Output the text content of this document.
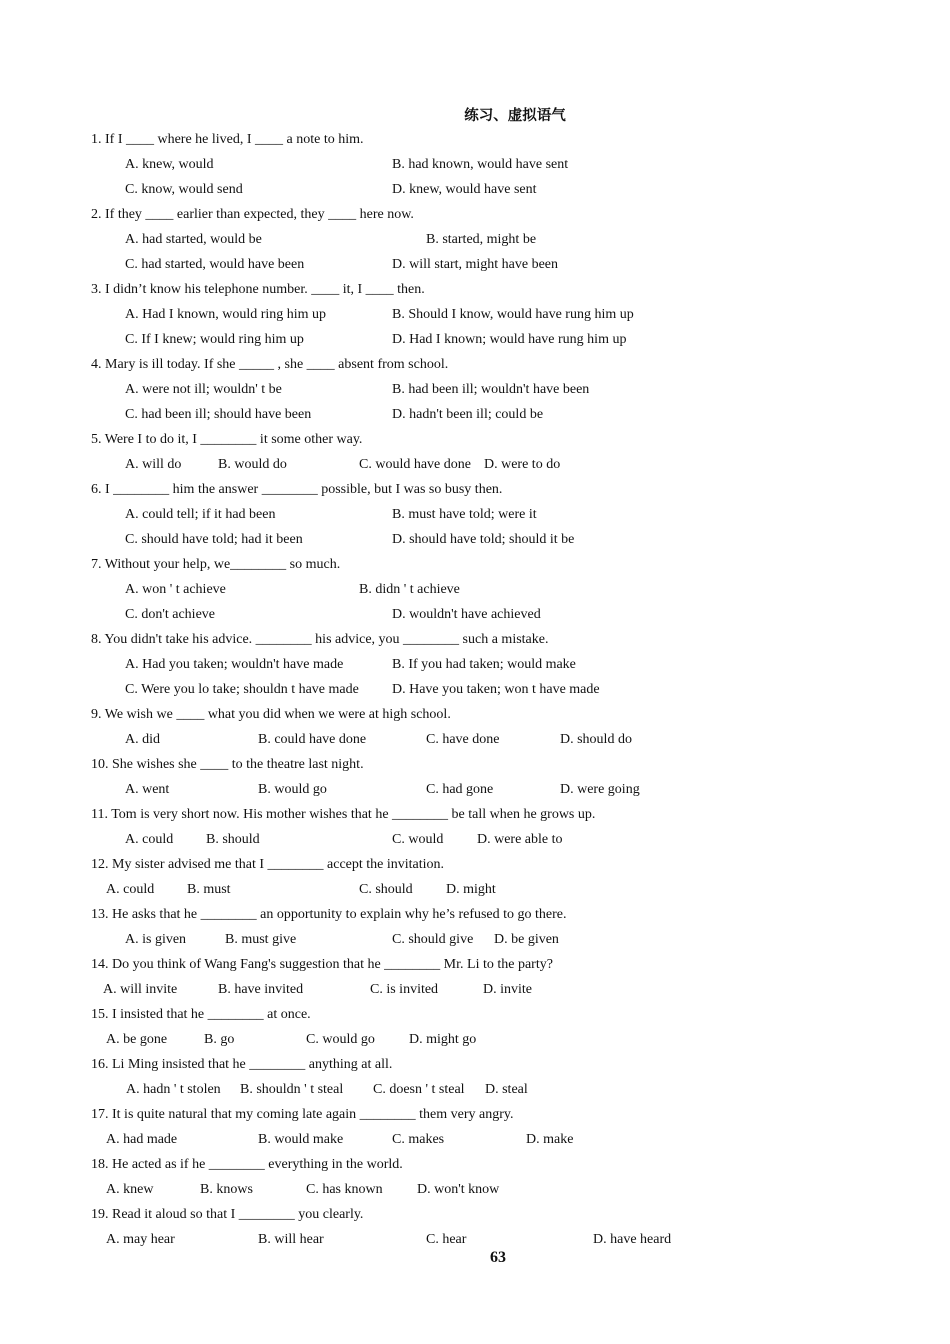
练习、虚拟语气
1. If I ____ where he lived, I ____ a note to him.
A. knew, would	B. had known, would have sent
C. know, would send	D. knew, would have sent
2. If they ____ earlier than expected, they ____ here now.
A. had started, would be	B. started, might be
C. had started, would have been	D. will start, might have been
3. I didn’t know his telephone number. ____ it, I ____ then.
A. Had I known, would ring him up	B. Should I know, would have rung him up
C. If I knew; would ring him up	D. Had I known; would have rung him up
4. Mary is ill today. If she _____ , she ____ absent from school.
A. were not ill; wouldn' t be	B. had been ill; wouldn't have been
C. had been ill; should have been	D. hadn't been ill; could be
5. Were I to do it, I ________ it some other way.
A. will do	B. would do	C. would have done D. were to do
6. I ________ him the answer ________ possible, but I was so busy then.
A. could tell; if it had been	B. must have told; were it
C. should have told; had it been	D. should have told; should it be
7. Without your help, we________ so much.
A. won ' t achieve	B. didn ' t achieve
C. don't achieve	D. wouldn't have achieved
8. You didn't take his advice. ________ his advice, you ________ such a mistake.
A. Had you taken; wouldn't have made	B. If you had taken; would make
C. Were you lo take; shouldn t have made D. Have you taken; won t have made
9. We wish we ____ what you did when we were at high school.
A. did	B. could have done	C. have done	D. should do
10. She wishes she ____ to the theatre last night.
A. went	B. would go	C. had gone	D. were going
11. Tom is very short now. His mother wishes that he ________ be tall when he grows up.
A. could B. should	C. would D. were able to
12. My sister advised me that I ________ accept the invitation.
A. could B. must	C. should D. might
13. He asks that he ________ an opportunity to explain why he’s refused to go there.
A. is given	B. must give	C. should give D. be given
14. Do you think of Wang Fang's suggestion that he ________ Mr. Li to the party?
A. will invite	B. have invited	C. is invited	D. invite
15. I insisted that he ________ at once.
A. be gone	B. go	C. would go D. might go
16. Li Ming insisted that he ________ anything at all.
A. hadn ' t stolen B. shouldn ' t steal C. doesn ' t steal D. steal
17. It is quite natural that my coming late again ________ them very angry.
A. had made	B. would make	C. makes	D. make
18. He acted as if he ________ everything in the world.
A. knew	B. knows	C. has known D. won't know
19. Read it aloud so that I ________ you clearly.
A. may hear	B. will hear	C. hear	D. have heard
63
